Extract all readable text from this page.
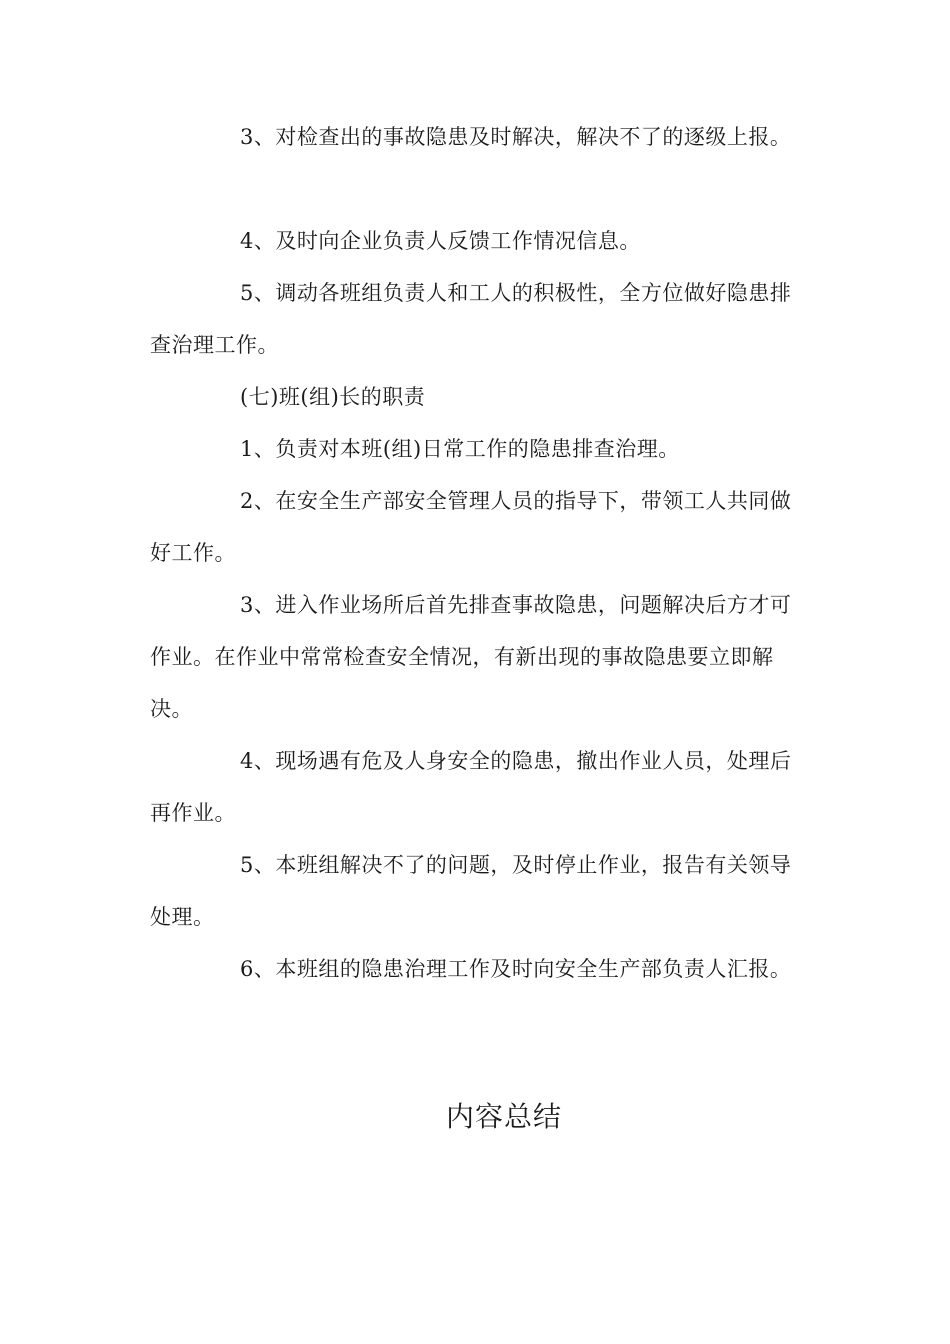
3、对检查出的事故隐患及时解决，解决不了的逐级上报。

4、及时向企业负责人反馈工作情况信息。

5、调动各班组负责人和工人的积极性，全方位做好隐患排查治理工作。

(七)班(组)长的职责

1、负责对本班(组)日常工作的隐患排查治理。

2、在安全生产部安全管理人员的指导下，带领工人共同做好工作。

3、进入作业场所后首先排查事故隐患，问题解决后方才可作业。在作业中常常检查安全情况，有新出现的事故隐患要立即解决。

4、现场遇有危及人身安全的隐患，撤出作业人员，处理后再作业。

5、本班组解决不了的问题，及时停止作业，报告有关领导处理。

6、本班组的隐患治理工作及时向安全生产部负责人汇报。

内容总结
